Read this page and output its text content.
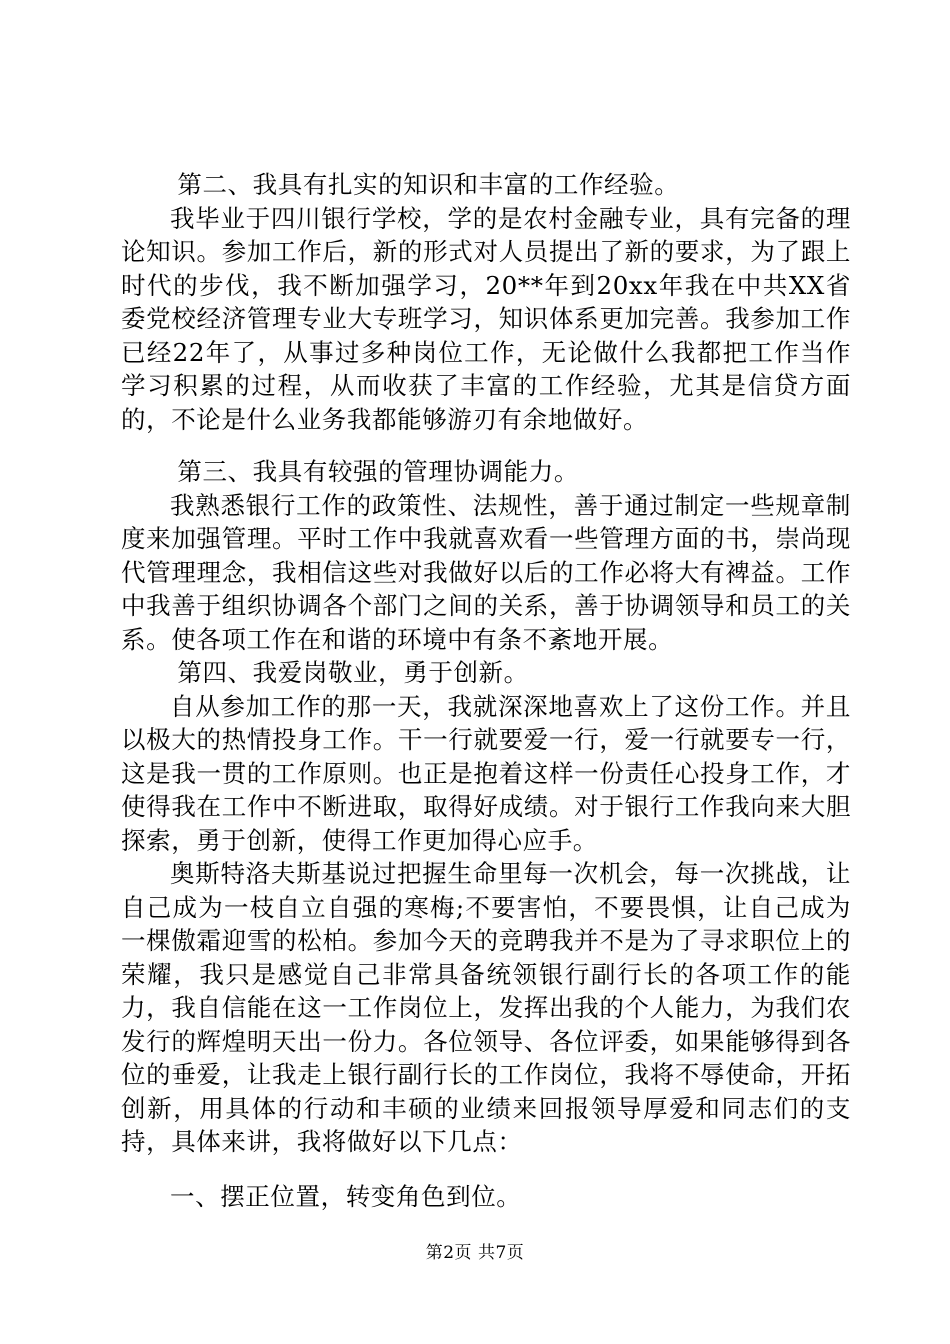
第二、我具有扎实的知识和丰富的工作经验。

我毕业于四川银行学校，学的是农村金融专业，具有完备的理论知识。参加工作后，新的形式对人员提出了新的要求，为了跟上时代的步伐，我不断加强学习，20**年到20xx年我在中共XX省委党校经济管理专业大专班学习，知识体系更加完善。我参加工作已经22年了，从事过多种岗位工作，无论做什么我都把工作当作学习积累的过程，从而收获了丰富的工作经验，尤其是信贷方面的，不论是什么业务我都能够游刃有余地做好。

第三、我具有较强的管理协调能力。

我熟悉银行工作的政策性、法规性，善于通过制定一些规章制度来加强管理。平时工作中我就喜欢看一些管理方面的书，崇尚现代管理理念，我相信这些对我做好以后的工作必将大有裨益。工作中我善于组织协调各个部门之间的关系，善于协调领导和员工的关系。使各项工作在和谐的环境中有条不紊地开展。

第四、我爱岗敬业，勇于创新。

自从参加工作的那一天，我就深深地喜欢上了这份工作。并且以极大的热情投身工作。干一行就要爱一行，爱一行就要专一行，这是我一贯的工作原则。也正是抱着这样一份责任心投身工作，才使得我在工作中不断进取，取得好成绩。对于银行工作我向来大胆探索，勇于创新，使得工作更加得心应手。

奥斯特洛夫斯基说过把握生命里每一次机会，每一次挑战，让自己成为一枝自立自强的寒梅;不要害怕，不要畏惧，让自己成为一棵傲霜迎雪的松柏。参加今天的竞聘我并不是为了寻求职位上的荣耀，我只是感觉自己非常具备统领银行副行长的各项工作的能力，我自信能在这一工作岗位上，发挥出我的个人能力，为我们农发行的辉煌明天出一份力。各位领导、各位评委，如果能够得到各位的垂爱，让我走上银行副行长的工作岗位，我将不辱使命，开拓创新，用具体的行动和丰硕的业绩来回报领导厚爱和同志们的支持，具体来讲，我将做好以下几点：

一、摆正位置，转变角色到位。

第2页 共7页
